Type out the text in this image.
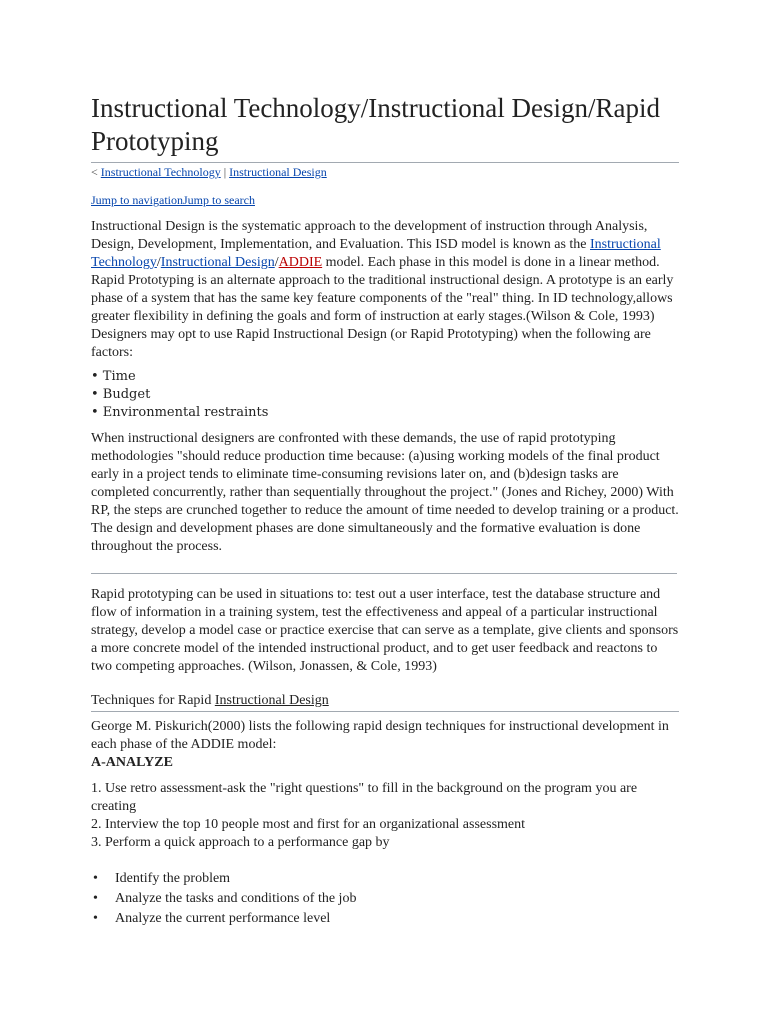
Instructional Technology/Instructional Design/Rapid Prototyping
< Instructional Technology | Instructional Design
Jump to navigationJump to search

Instructional Design is the systematic approach to the development of instruction through Analysis, Design, Development, Implementation, and Evaluation. This ISD model is known as the Instructional Technology/Instructional Design/ADDIE model. Each phase in this model is done in a linear method. Rapid Prototyping is an alternate approach to the traditional instructional design. A prototype is an early phase of a system that has the same key feature components of the "real" thing. In ID technology,allows greater flexibility in defining the goals and form of instruction at early stages.(Wilson & Cole, 1993) Designers may opt to use Rapid Instructional Design (or Rapid Prototyping) when the following are factors:

• Time
• Budget
• Environmental restraints

When instructional designers are confronted with these demands, the use of rapid prototyping methodologies "should reduce production time because: (a)using working models of the final product early in a project tends to eliminate time-consuming revisions later on, and (b)design tasks are completed concurrently, rather than sequentially throughout the project." (Jones and Richey, 2000) With RP, the steps are crunched together to reduce the amount of time needed to develop training or a product. The design and development phases are done simultaneously and the formative evaluation is done throughout the process.

Rapid prototyping can be used in situations to: test out a user interface, test the database structure and flow of information in a training system, test the effectiveness and appeal of a particular instructional strategy, develop a model case or practice exercise that can serve as a template, give clients and sponsors a more concrete model of the intended instructional product, and to get user feedback and reactons to two competing approaches. (Wilson, Jonassen, & Cole, 1993)

Techniques for Rapid Instructional Design

George M. Piskurich(2000) lists the following rapid design techniques for instructional development in each phase of the ADDIE model:
A-ANALYZE

1. Use retro assessment-ask the "right questions" to fill in the background on the program you are creating
2. Interview the top 10 people most and first for an organizational assessment
3. Perform a quick approach to a performance gap by

• Identify the problem
• Analyze the tasks and conditions of the job
• Analyze the current performance level
